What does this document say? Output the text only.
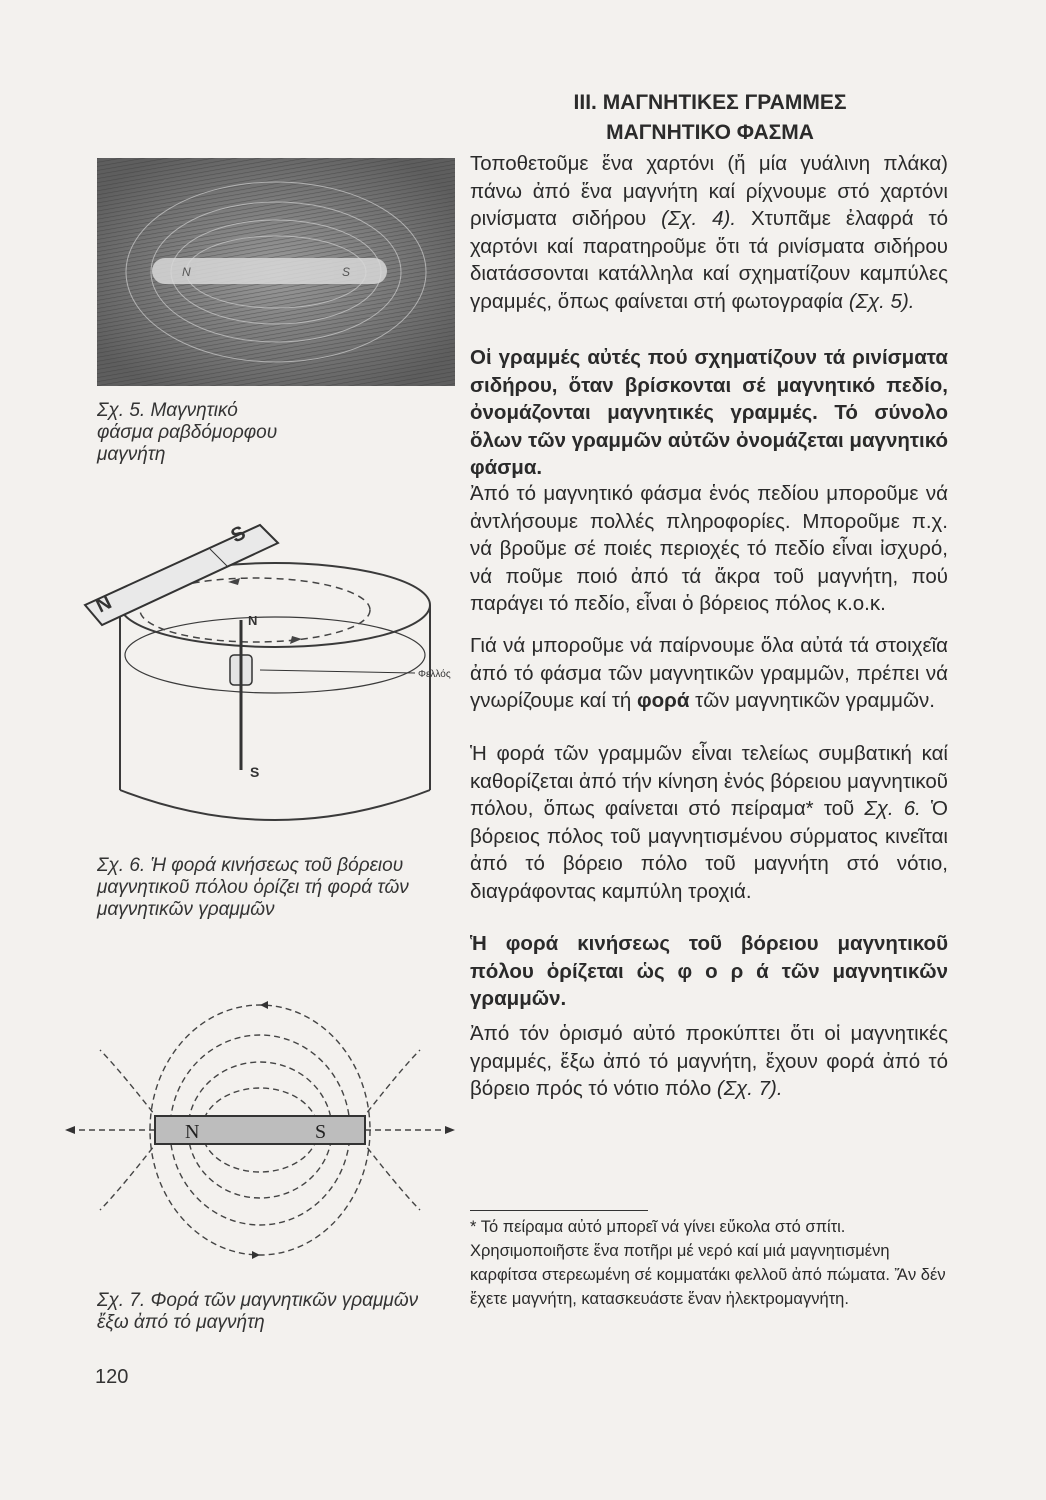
N	S

Σχ. 5. Μαγνητικό φάσμα ραβδόμορφου μαγνήτη

N
S
N
S
Φελλός

Σχ. 6. Ἡ φορά κινήσεως τοῦ βόρειου μαγνητικοῦ πόλου ὁρίζει τή φορά τῶν μαγνητικῶν γραμμῶν

N	S

Σχ. 7. Φορά τῶν μαγνητικῶν γραμμῶν ἔξω ἀπό τό μαγνήτη

III. ΜΑΓΝΗΤΙΚΕΣ ΓΡΑΜΜΕΣ
ΜΑΓΝΗΤΙΚΟ ΦΑΣΜΑ

Τοποθετοῦμε ἕνα χαρτόνι (ἤ μία γυάλινη πλάκα) πάνω ἀπό ἕνα μαγνήτη καί ρίχνουμε στό χαρτόνι ρινίσματα σιδήρου (Σχ. 4). Χτυπᾶμε ἐλαφρά τό χαρτόνι καί παρατηροῦμε ὅτι τά ρινίσματα σιδήρου διατάσσονται κατάλληλα καί σχηματίζουν καμπύλες γραμμές, ὅπως φαίνεται στή φωτογραφία (Σχ. 5).

Οἱ γραμμές αὐτές πού σχηματίζουν τά ρινίσματα σιδήρου, ὅταν βρίσκονται σέ μαγνητικό πεδίο, ὀνομάζονται μαγνητικές γραμμές. Τό σύνολο ὅλων τῶν γραμμῶν αὐτῶν ὀνομάζεται μαγνητικό φάσμα.

Ἀπό τό μαγνητικό φάσμα ἑνός πεδίου μποροῦμε νά ἀντλήσουμε πολλές πληροφορίες. Μποροῦμε π.χ. νά βροῦμε σέ ποιές περιοχές τό πεδίο εἶναι ἰσχυρό, νά ποῦμε ποιό ἀπό τά ἄκρα τοῦ μαγνήτη, πού παράγει τό πεδίο, εἶναι ὁ βόρειος πόλος κ.ο.κ.

Γιά νά μποροῦμε νά παίρνουμε ὅλα αὐτά τά στοιχεῖα ἀπό τό φάσμα τῶν μαγνητικῶν γραμμῶν, πρέπει νά γνωρίζουμε καί τή φορά τῶν μαγνητικῶν γραμμῶν.

Ἡ φορά τῶν γραμμῶν εἶναι τελείως συμβατική καί καθορίζεται ἀπό τήν κίνηση ἑνός βόρειου μαγνητικοῦ πόλου, ὅπως φαίνεται στό πείραμα* τοῦ Σχ. 6. Ὁ βόρειος πόλος τοῦ μαγνητισμένου σύρματος κινεῖται ἀπό τό βόρειο πόλο τοῦ μαγνήτη στό νότιο, διαγράφοντας καμπύλη τροχιά.

Ἡ φορά κινήσεως τοῦ βόρειου μαγνητικοῦ πόλου ὁρίζεται ὡς φ ο ρ ά τῶν μαγνητικῶν γραμμῶν.

Ἀπό τόν ὁρισμό αὐτό προκύπτει ὅτι οἱ μαγνητικές γραμμές, ἔξω ἀπό τό μαγνήτη, ἔχουν φορά ἀπό τό βόρειο πρός τό νότιο πόλο (Σχ. 7).

* Τό πείραμα αὐτό μπορεῖ νά γίνει εὔκολα στό σπίτι. Χρησιμοποιῆστε ἕνα ποτῆρι μέ νερό καί μιά μαγνητισμένη καρφίτσα στερεωμένη σέ κομματάκι φελλοῦ ἀπό πώματα. Ἄν δέν ἔχετε μαγνήτη, κατασκευάστε ἕναν ἠλεκτρομαγνήτη.

120
